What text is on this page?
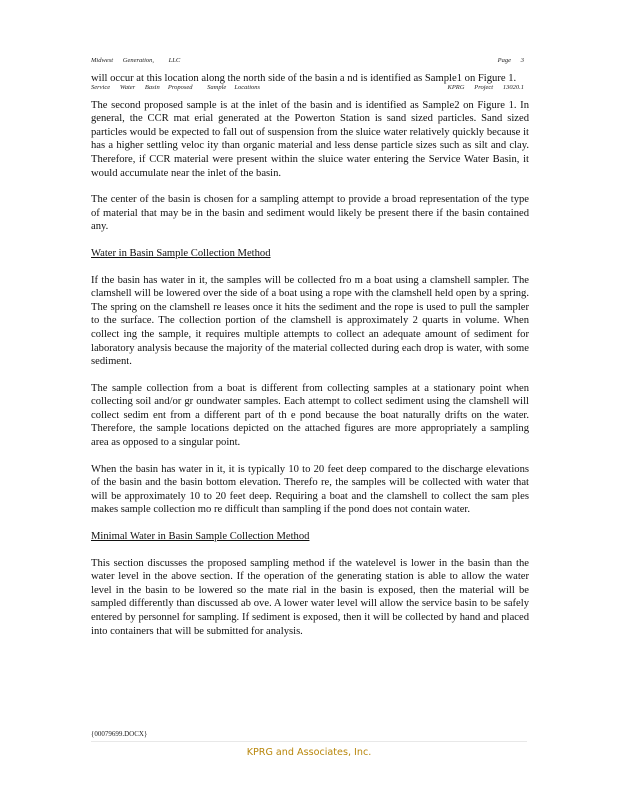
Midwest      Generation,         LLC

Service      Water      Basin     Proposed         Sample     Locations

Page      3

KPRG      Project      13020.1

will occur at this location along the north side of the basin a nd is identified as Sample1 on Figure 1.

The second proposed sample is at the inlet of the basin and is identified as Sample2 on Figure 1. In general, the CCR mat erial generated at the Powerton Station is sand sized particles. Sand sized particles would be expected to fall out of suspension from the sluice water relatively quickly because it has a higher settling veloc ity than organic material and less dense particle sizes such as silt and clay. Therefore, if CCR material were present within the sluice water entering the Service Water Basin, it would accumulate near the inlet of the basin.

The center of the basin is chosen for a sampling attempt to provide a broad representation of the type of material that may be in the basin and sediment would likely be present there if the basin contained any.

Water in Basin Sample Collection Method

If the basin has water in it, the samples will be collected fro m a boat using a clamshell sampler. The clamshell will be lowered over the side of a boat using a rope with the clamshell held open by a spring. The spring on the clamshell re leases once it hits the sediment and the rope is used to pull the sampler to the surface. The collection portion of the clamshell is approximately 2 quarts in volume. When collect ing the sample, it requires multiple attempts to collect an adequate amount of sediment for laboratory analysis because the majority of the material collected during each drop is water, with some sediment.

The sample collection from a boat is different from collecting samples at a stationary point when collecting soil and/or gr oundwater samples. Each attempt to collect sediment using the clamshell will collect sedim ent from a different part of th e pond because the boat naturally drifts on the water. Therefore, the sample locations depicted on the attached figures are more appropriately a sampling area as opposed to a singular point.

When the basin has water in it, it is typically 10 to 20 feet deep compared to the discharge elevations of the basin and the basin bottom elevation. Therefo re, the samples will be collected with water that will be approximately 10 to 20 feet deep. Requiring a boat and the clamshell to collect the sam ples makes sample collection mo re difficult than sampling if the pond does not contain water.

Minimal Water in Basin Sample Collection Method

This section discusses the proposed sampling method if the watelevel is lower in the basin than the water level in the above section. If the operation of the generating station is able to allow the water level in the basin to be lowered so the mate rial in the basin is exposed, then the material will be sampled differently than discussed ab ove. A lower water level will allow the service basin to be safely entered by personnel for sampling. If sediment is exposed, then it will be collected by hand and placed into containers that will be submitted for analysis.

{00079699.DOCX}
KPRG and Associates, Inc.
